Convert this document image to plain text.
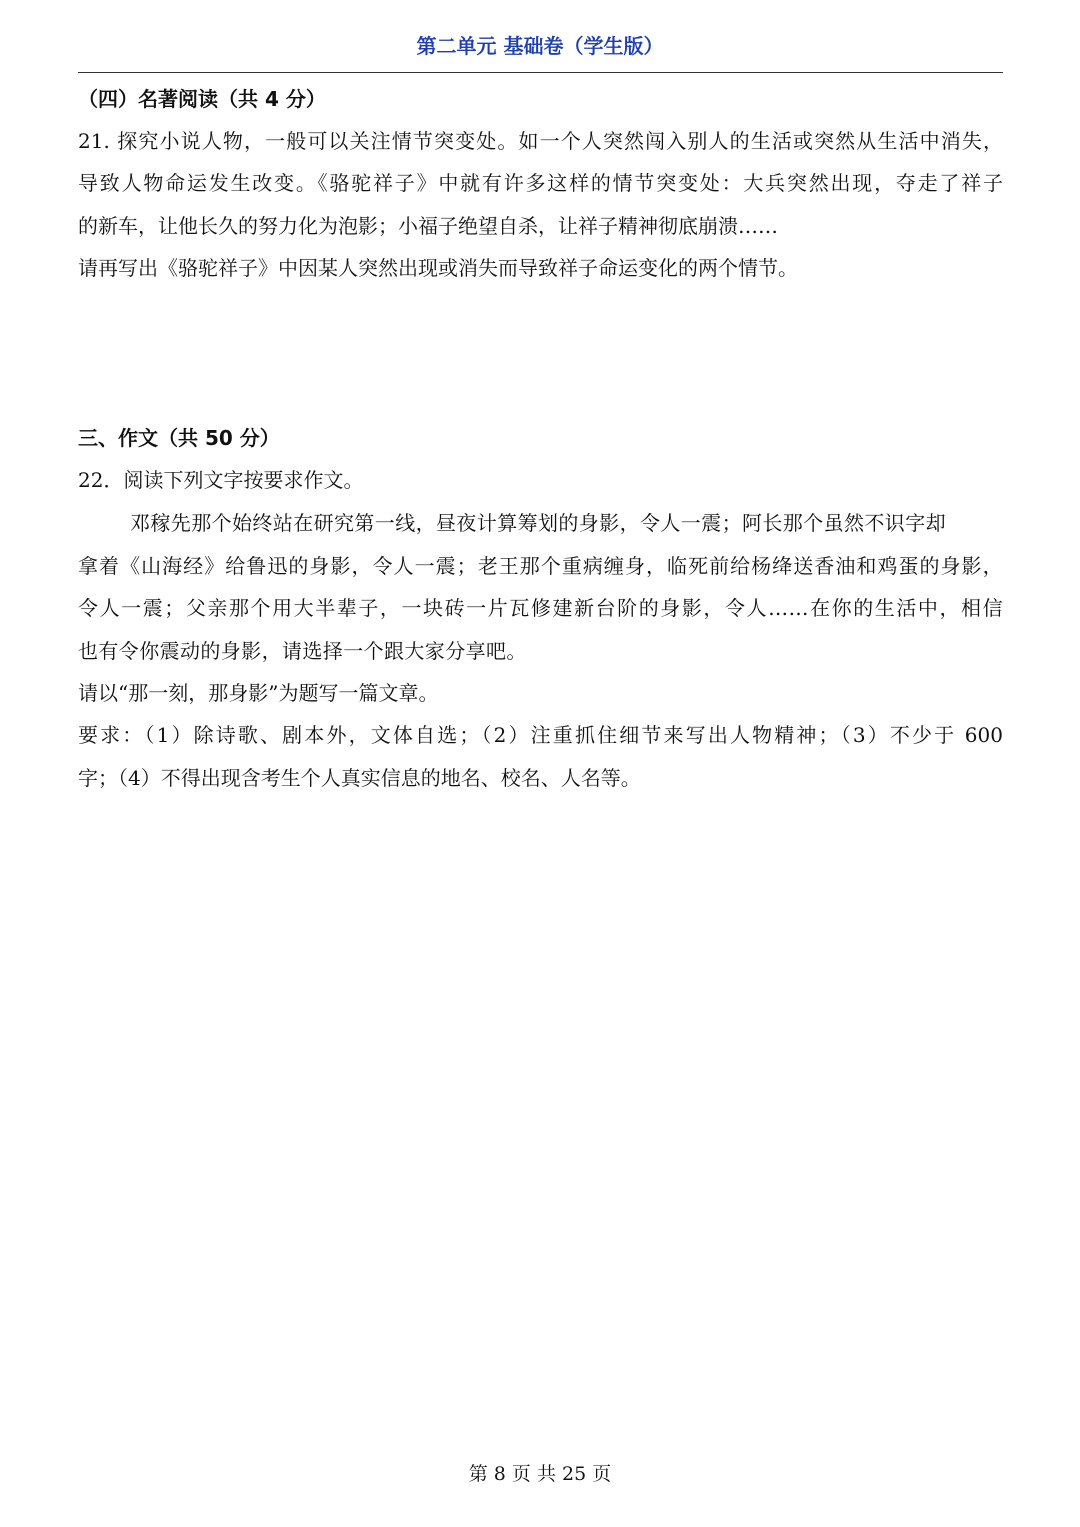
第二单元 基础卷（学生版）
（四）名著阅读（共 4 分）
21. 探究小说人物，一般可以关注情节突变处。如一个人突然闯入别人的生活或突然从生活中消失，
导致人物命运发生改变。《骆驼祥子》中就有许多这样的情节突变处：大兵突然出现，夺走了祥子
的新车，让他长久的努力化为泡影；小福子绝望自杀，让祥子精神彻底崩溃……
请再写出《骆驼祥子》中因某人突然出现或消失而导致祥子命运变化的两个情节。
三、作文（共 50 分）
22．阅读下列文字按要求作文。
邓稼先那个始终站在研究第一线，昼夜计算筹划的身影，令人一震；阿长那个虽然不识字却
拿着《山海经》给鲁迅的身影，令人一震；老王那个重病缠身，临死前给杨绛送香油和鸡蛋的身影，
令人一震；父亲那个用大半辈子，一块砖一片瓦修建新台阶的身影，令人……在你的生活中，相信
也有令你震动的身影，请选择一个跟大家分享吧。
请以“那一刻，那身影”为题写一篇文章。
要求：（1）除诗歌、剧本外，文体自选；（2）注重抓住细节来写出人物精神；（3）不少于 600
字；（4）不得出现含考生个人真实信息的地名、校名、人名等。
第 8 页 共 25 页
